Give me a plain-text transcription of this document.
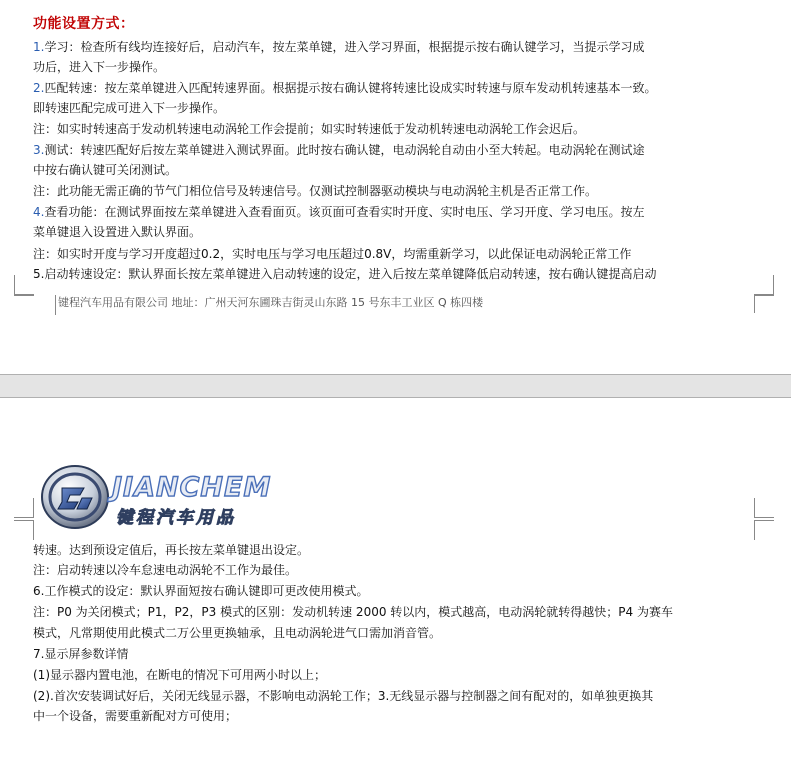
功能设置方式：
1.学习：检查所有线均连接好后，启动汽车，按左菜单键，进入学习界面，根据提示按右确认键学习，当提示学习成
功后，进入下一步操作。
2.匹配转速：按左菜单键进入匹配转速界面。根据提示按右确认键将转速比设成实时转速与原车发动机转速基本一致。
即转速匹配完成可进入下一步操作。
注：如实时转速高于发动机转速电动涡轮工作会提前；如实时转速低于发动机转速电动涡轮工作会迟后。
3.测试：转速匹配好后按左菜单键进入测试界面。此时按右确认键，电动涡轮自动由小至大转起。电动涡轮在测试途
中按右确认键可关闭测试。
注：此功能无需正确的节气门相位信号及转速信号。仅测试控制器驱动模块与电动涡轮主机是否正常工作。
4.查看功能：在测试界面按左菜单键进入查看面页。该页面可查看实时开度、实时电压、学习开度、学习电压。按左
菜单键退入设置进入默认界面。
注：如实时开度与学习开度超过0.2，实时电压与学习电压超过0.8V，均需重新学习，以此保证电动涡轮正常工作
5.启动转速设定：默认界面长按左菜单键进入启动转速的设定，进入后按左菜单键降低启动转速，按右确认键提高启动
键程汽车用品有限公司 地址：广州天河东圃珠吉街灵山东路 15 号东丰工业区 Q 栋四楼
转速。达到预设定值后，再长按左菜单键退出设定。
注：启动转速以冷车怠速电动涡轮不工作为最佳。
6.工作模式的设定：默认界面短按右确认键即可更改使用模式。
注：P0 为关闭模式；P1，P2，P3 模式的区别：发动机转速 2000 转以内，模式越高，电动涡轮就转得越快；P4 为赛车
模式，凡常期使用此模式二万公里更换轴承，且电动涡轮进气口需加消音管。
7.显示屏参数详情
(1)显示器内置电池，在断电的情况下可用两小时以上；
(2).首次安装调试好后，关闭无线显示器，不影响电动涡轮工作；3.无线显示器与控制器之间有配对的，如单独更换其
中一个设备，需要重新配对方可使用；
JIANCHEM
键程汽车用品
